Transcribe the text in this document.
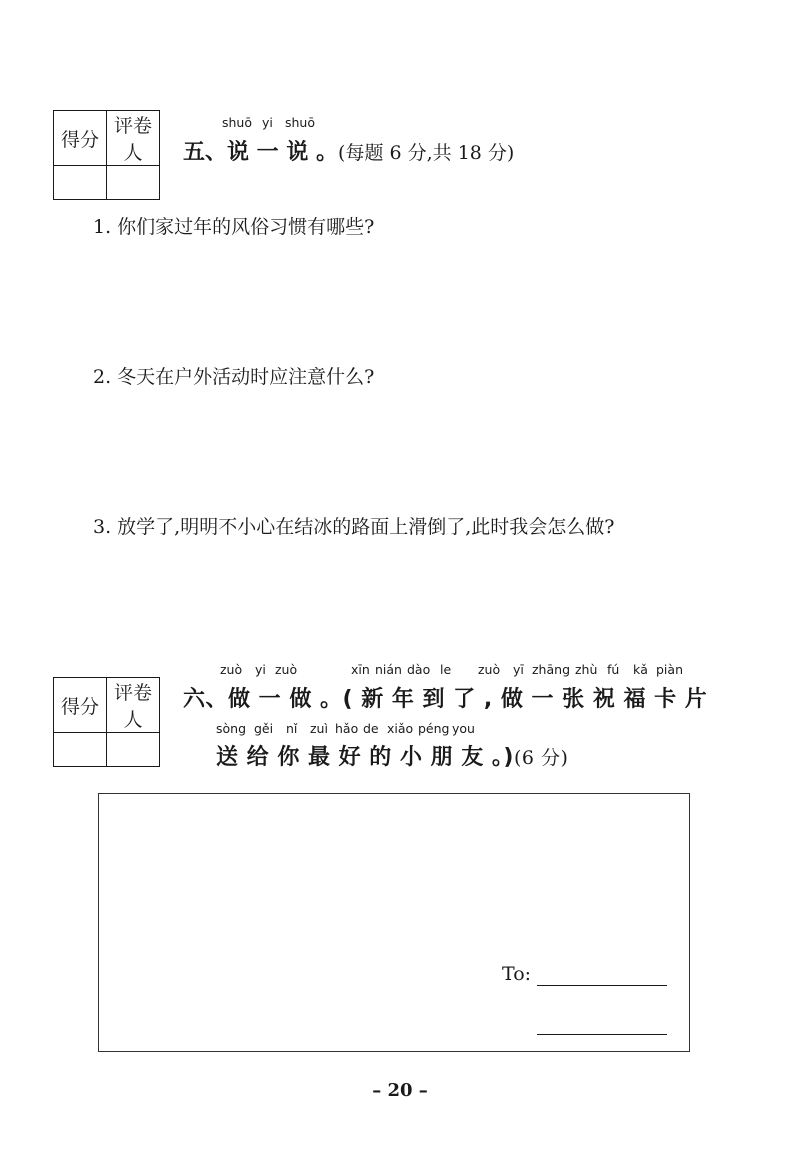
得分	评卷人

shuō yi shuō
五、说 一 说 。(每题 6 分,共 18 分)
1. 你们家过年的风俗习惯有哪些?
2. 冬天在户外活动时应注意什么?
3. 放学了,明明不小心在结冰的路面上滑倒了,此时我会怎么做?
得分	评卷人

zuò yi zuò	xīn nián dào le zuò yī zhāng zhù fú kǎ piàn
六、做 一 做 。( 新 年 到 了 , 做 一 张 祝 福 卡 片
sòng gěi nǐ zuì hǎo de xiǎo péng you
送 给 你 最 好 的 小 朋 友 。)(6 分)
To:
– 20 –
